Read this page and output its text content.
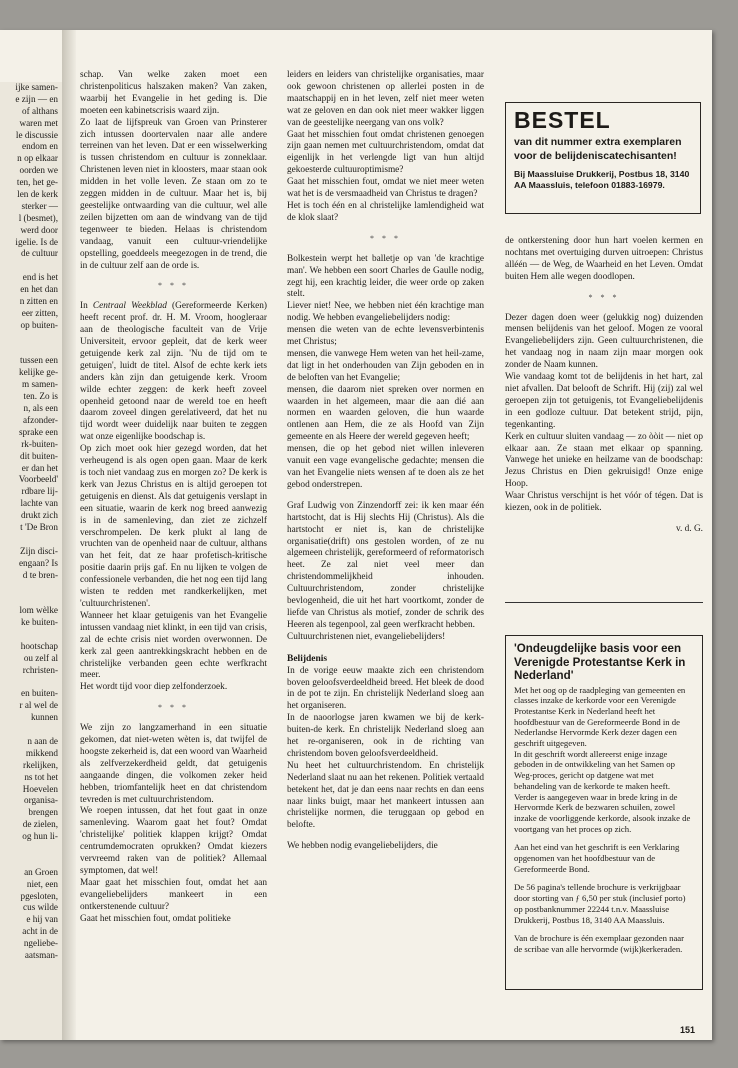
ijke samen-
e zijn — en
of althans
waren met
le discussie
endom en
n op elkaar
oorden we
ten, het ge-
len de kerk
sterker —
l (besmet),
werd door
igelie. Is de
de cultuur
end is het
en het dan
n zitten en
eer zitten,
op buiten-
tussen een
kelijke ge-
m samen-
ten. Zo is
n, als een
afzonder-
sprake een
rk-buiten-
dit buiten-
er dan het
Voorbeeld'
rdbare lij-
lachte van
drukt zich
t 'De Bron
Zijn disci-
engaan? Is
d te bren-
lom wèlke
ke buiten-
hootschap
ou zelf al
rchristen-
en buiten-
r al wel de
kunnen
n aan de
mikkend
rkelijken,
ns tot het
Hoevelen
organisa-
brengen
de zielen,
og hun li-
an Groen
niet, een
pgesloten,
cus wilde
e hij van
acht in de
ngeliebe-
aatsman-

schap. Van welke zaken moet een christenpoliticus halszaken maken? Van zaken, waarbij het Evangelie in het geding is. Die moeten een kabinetscrisis waard zijn.

Zo laat de lijfspreuk van Groen van Prinsterer zich intussen doortervalen naar alle andere terreinen van het leven. Dat er een wisselwerking is tussen christendom en cultuur is zonneklaar. Christenen leven niet in kloosters, maar staan ook midden in het volle leven. Ze staan om zo te zeggen midden in de cultuur. Maar het is, bij geestelijke ontwaarding van die cultuur, wel alle zeilen bijzetten om aan de windvang van de tijd tegenweer te bieden. Helaas is christendom vandaag, vanuit een cultuur-vriendelijke opstelling, goeddeels meegezogen in de trend, die in de cultuur zelf aan de orde is.

* * *

In Centraal Weekblad (Gereformeerde Kerken) heeft recent prof. dr. H. M. Vroom, hoogleraar aan de theologische faculteit van de Vrije Universiteit, ervoor gepleit, dat de kerk weer getuigende kerk zal zijn. 'Nu de tijd om te getuigen', luidt de titel. Alsof de echte kerk iets anders kàn zijn dan getuigende kerk. Vroom wilde echter zeggen: de kerk heeft zoveel openheid getoond naar de wereld toe en heeft daarom zoveel dingen gerelativeerd, dat het nu tijd wordt weer duidelijk naar buiten te zeggen wat onze eigenlijke boodschap is.

Op zich moet ook hier gezegd worden, dat het verheugend is als ogen open gaan. Maar de kerk is toch niet vandaag zus en morgen zo? De kerk is kerk van Jezus Christus en is altijd geroepen tot getuigenis en dienst. Als dat getuigenis verslapt in een situatie, waarin de kerk nog breed aanwezig is in de samenleving, dan ziet ze zichzelf verschrompelen. De kerk plukt al lang de vruchten van de openheid naar de cultuur, althans van het feit, dat ze haar profetisch-kritische positie daarin prijs gaf. En nu lijken te volgen de confessionele verbanden, die het nog een tijd lang wisten te redden met randkerkelijken, met 'cultuurchristenen'.

Wanneer het klaar getuigenis van het Evangelie intussen vandaag niet klinkt, in een tijd van crisis, zal de echte crisis niet worden overwonnen. De kerk zal geen aantrekkingskracht hebben en de christelijke verbanden geen echte werfkracht meer.

Het wordt tijd voor diep zelfonderzoek.

* * *

We zijn zo langzamerhand in een situatie gekomen, dat niet-weten wèten is, dat twijfel de hoogste zekerheid is, dat een woord van Waarheid als zelfverzekerdheid geldt, dat getuigenis aangaande dingen, die volkomen zeker heid hebben, triomfantelijk heet en dat christendom tevreden is met cultuurchristendom.

We roepen intussen, dat het fout gaat in onze samenleving. Waarom gaat het fout? Omdat 'christelijke' politiek klappen krijgt? Omdat centrumdemocraten oprukken? Omdat kiezers vervreemd raken van de politiek? Allemaal symptomen, dat wel!

Maar gaat het misschien fout, omdat het aan evangeliebelijders mankeert in een ontkerstenende cultuur?

Gaat het misschien fout, omdat politieke

leiders en leiders van christelijke organisaties, maar ook gewoon christenen op allerlei posten in de maatschappij en in het leven, zelf niet meer weten wat ze geloven en dan ook niet meer wakker liggen van de geestelijke neergang van ons volk?

Gaat het misschien fout omdat christenen genoegen zijn gaan nemen met cultuurchristendom, omdat dat eigenlijk in het verlengde ligt van hun altijd gekoesterde cultuuroptimisme?

Gaat het misschien fout, omdat we niet meer weten wat het is de versmaadheid van Christus te dragen?

Het is toch één en al christelijke lamlendigheid wat de klok slaat?

* * *

Bolkestein werpt het balletje op van 'de krachtige man'. We hebben een soort Charles de Gaulle nodig, zegt hij, een krachtig leider, die weer orde op zaken stelt.

Liever niet! Nee, we hebben niet één krachtige man nodig. We hebben evangeliebelijders nodig:

mensen die weten van de echte levensverbintenis met Christus;

mensen, die vanwege Hem weten van het heil-zame, dat ligt in het onderhouden van Zijn geboden en in de beloften van het Evangelie;

mensen, die daarom niet spreken over normen en waarden in het algemeen, maar die aan dié aan normen en waarden geloven, die hun waarde ontlenen aan Hem, die ze als Hoofd van Zijn gemeente en als Heere der wereld gegeven heeft;

mensen, die op het gebod niet willen inleveren vanuit een vage evangelische gedachte; mensen die van het Evangelie niets wensen af te doen als ze het gebod onderstrepen.

Graf Ludwig von Zinzendorff zei: ik ken maar één hartstocht, dat is Hij slechts Hij (Christus). Als die hartstocht er niet is, kan de christelijke organisatie(drift) ons gestolen worden, of ze nu algemeen christelijk, gereformeerd of reformatorisch heet. Ze zal niet veel meer dan christendommelijkheid inhouden. Cultuurchristendom, zonder christelijke bevlogenheid, die uit het hart voortkomt, zonder de liefde van Christus als motief, zonder de schrik des Heeren als tegenpool, zal geen werfkracht hebben.

Cultuurchristenen niet, evangeliebelijders!

Belijdenis

In de vorige eeuw maakte zich een christendom boven geloofsverdeeldheid breed. Het bleek de dood in de pot te zijn. En christelijk Nederland sloeg aan het organiseren.

In de naoorlogse jaren kwamen we bij de kerk-buiten-de kerk. En christelijk Nederland sloeg aan het re-organiseren, ook in de richting van christendom boven geloofsverdeeldheid.

Nu heet het cultuurchristendom. En christelijk Nederland slaat nu aan het rekenen. Politiek vertaald betekent het, dat je dan eens naar rechts en dan eens naar links buigt, maar het mankeert intussen aan christelijke normen, die teruggaan op gebod en belofte.

We hebben nodig evangeliebelijders, die

BESTEL
van dit nummer extra exemplaren voor de belijdeniscatechisanten!
Bij Maassluise Drukkerij, Postbus 18, 3140 AA Maassluis, telefoon 01883-16979.

de ontkerstening door hun hart voelen kermen en nochtans met overtuiging durven uitroepen: Christus alléén — de Weg, de Waarheid en het Leven. Omdat buiten Hem alle wegen doodlopen.

* * *

Dezer dagen doen weer (gelukkig nog) duizenden mensen belijdenis van het geloof. Mogen ze vooral Evangeliebelijders zijn. Geen cultuurchristenen, die het vandaag nog in naam zijn maar morgen ook zonder de Naam kunnen.

Wie vandaag komt tot de belijdenis in het hart, zal niet afvallen. Dat belooft de Schrift. Hij (zij) zal wel geroepen zijn tot getuigenis, tot Evangeliebelijdenis in een godloze cultuur. Dat betekent strijd, pijn, tegenkanting.

Kerk en cultuur sluiten vandaag — zo òòit — niet op elkaar aan. Ze staan met elkaar op spanning. Vanwege het unieke en heilzame van de boodschap: Jezus Christus en Dien gekruisigd! Onze enige Hoop.

Waar Christus verschijnt is het vóór of tégen. Dat is kiezen, ook in de politiek.

v. d. G.

'Ondeugdelijke basis voor een Verenigde Protestantse Kerk in Nederland'

Met het oog op de raadpleging van gemeenten en classes inzake de kerkorde voor een Verenigde Protestantse Kerk in Nederland heeft het hoofdbestuur van de Gereformeerde Bond in de Nederlandse Hervormde Kerk dezer dagen een geschrift uitgegeven.

In dit geschrift wordt allereerst enige inzage geboden in de ontwikkeling van het Samen op Weg-proces, gericht op datgene wat met behandeling van de kerkorde te maken heeft. Verder is aangegeven waar in brede kring in de Hervormde Kerk de bezwaren schuilen, zowel inzake de voorliggende kerkorde, alsook inzake de voortgang van het proces op zich.

Aan het eind van het geschrift is een Verklaring opgenomen van het hoofdbestuur van de Gereformeerde Bond.

De 56 pagina's tellende brochure is verkrijgbaar door storting van ƒ 6,50 per stuk (inclusief porto) op postbanknummer 22244 t.n.v. Maassluise Drukkerij, Postbus 18, 3140 AA Maassluis.

Van de brochure is één exemplaar gezonden naar de scribae van alle hervormde (wijk)kerkeraden.

151
